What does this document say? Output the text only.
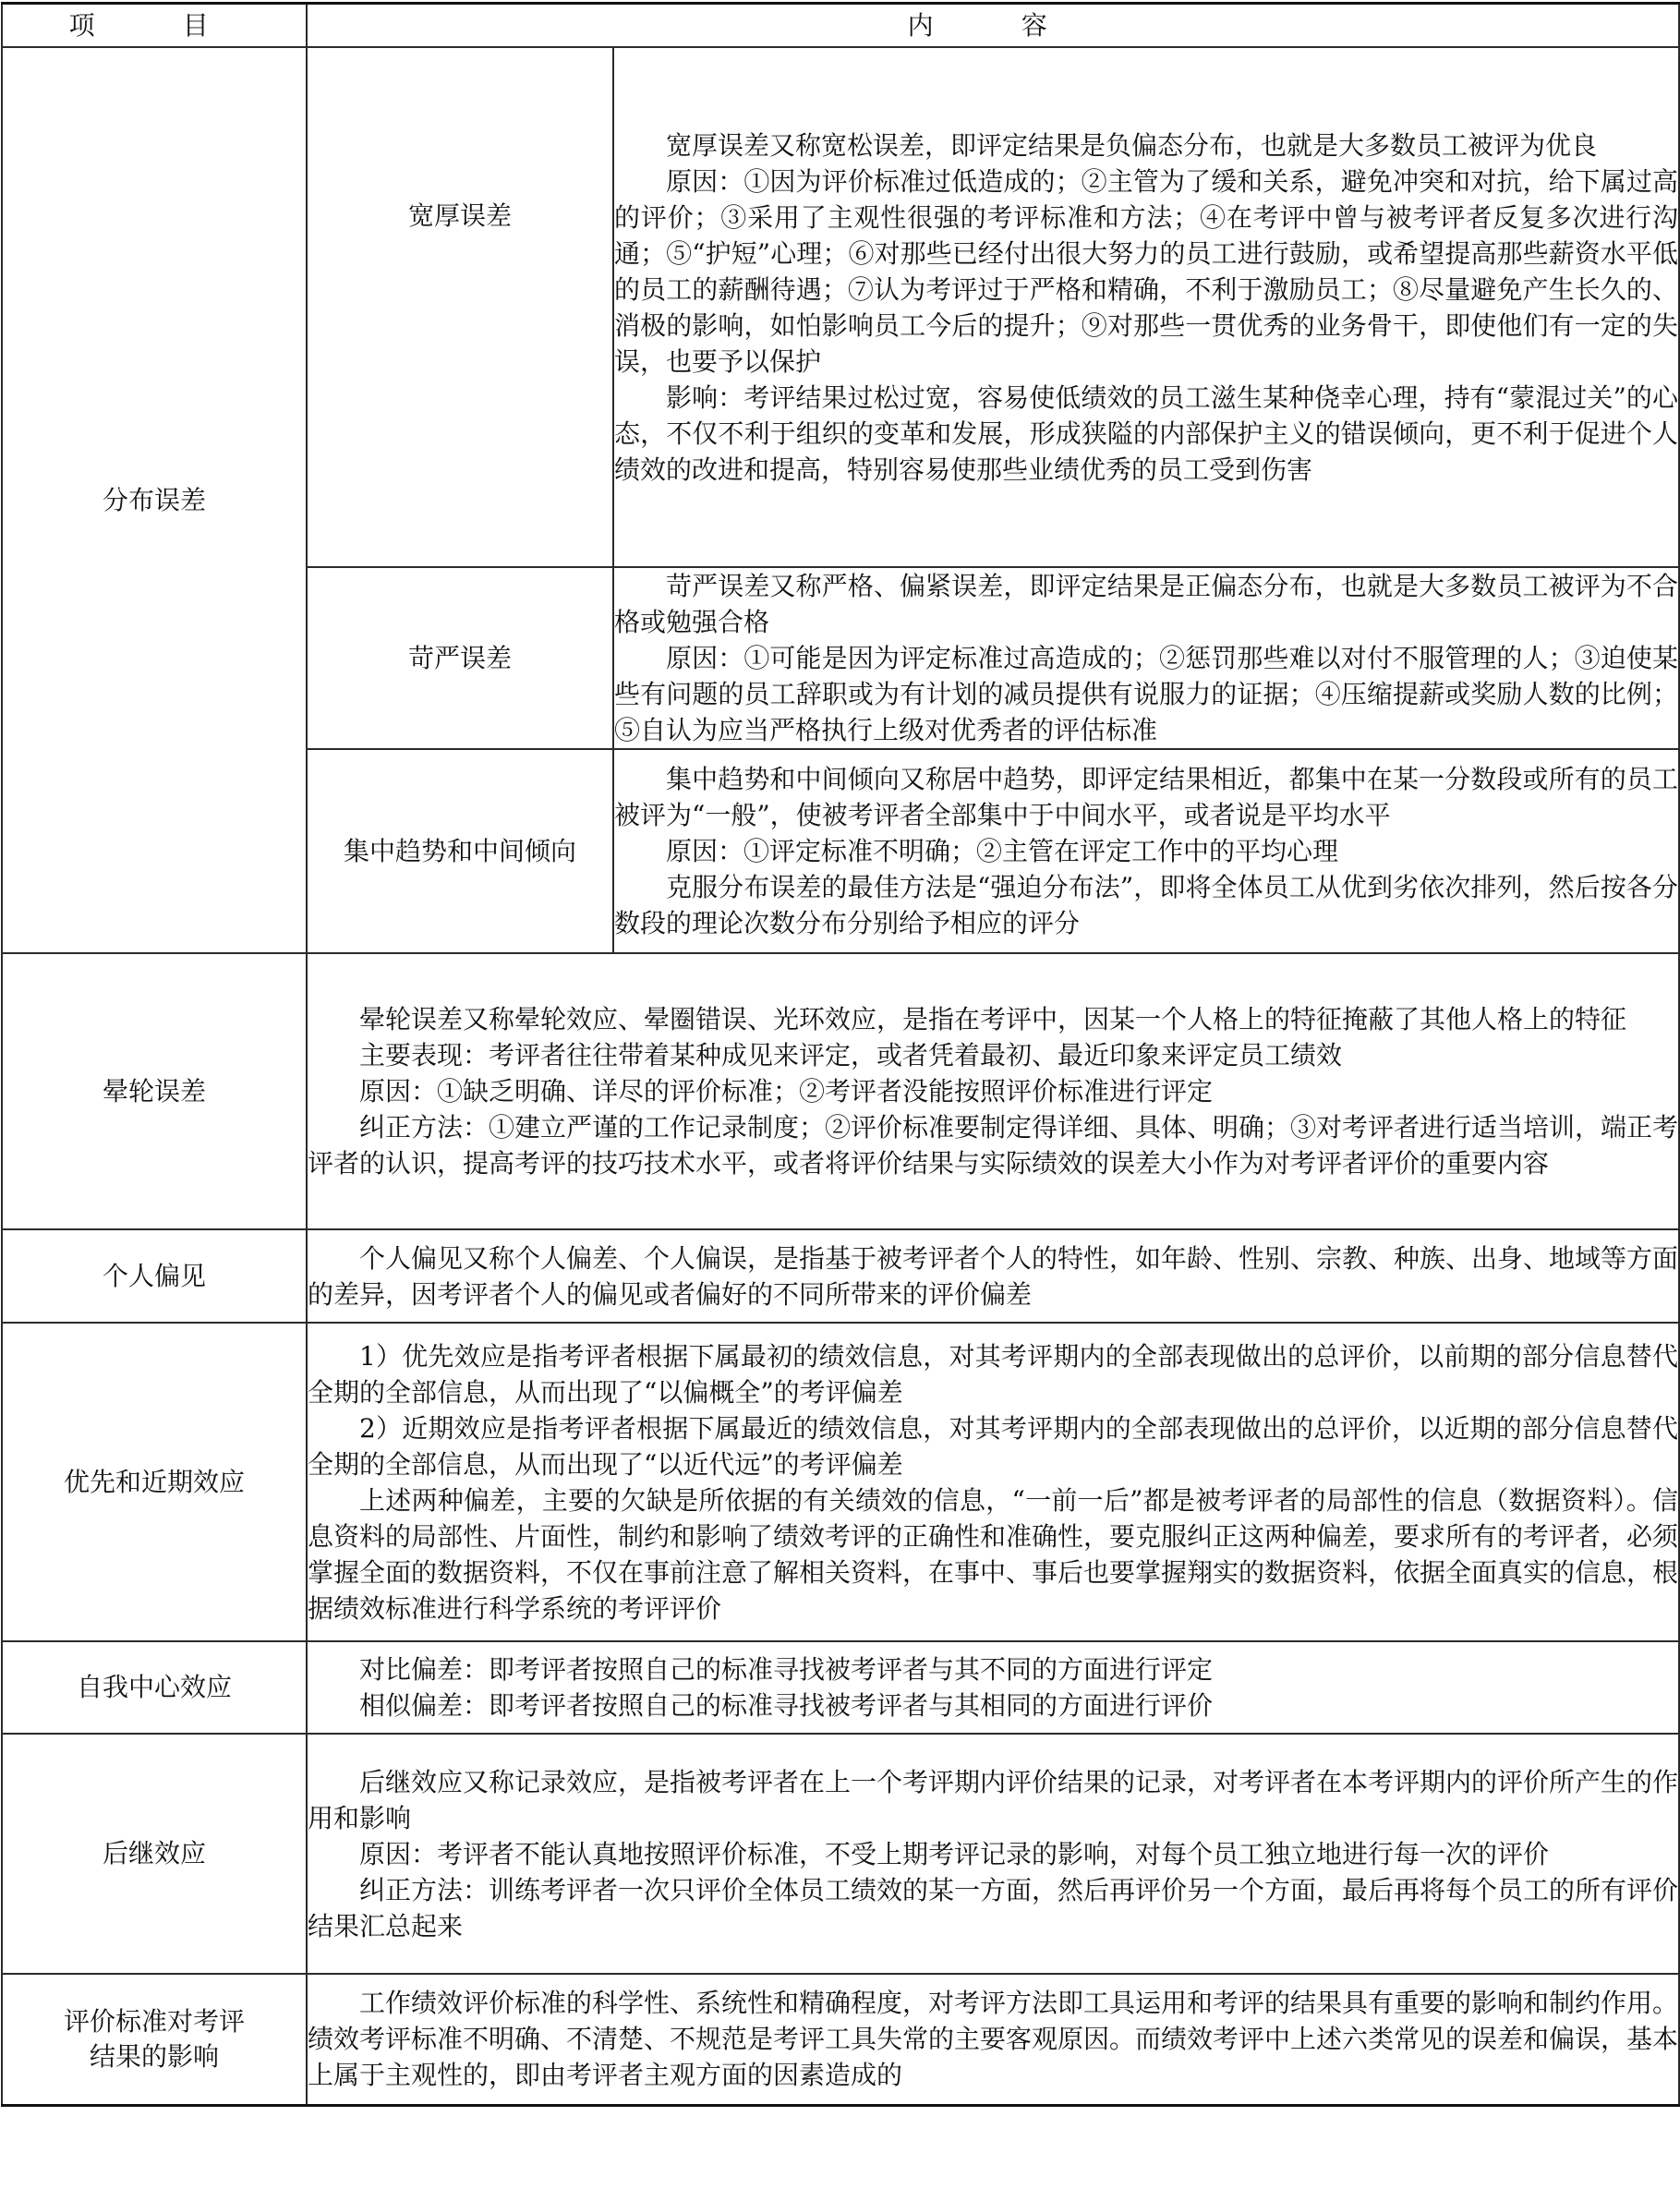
项　目	内　容	
分布误差	宽厚误差	宽厚误差又称宽松误差，即评定结果是负偏态分布，也就是大多数员工被评为优良

原因：①因为评价标准过低造成的；②主管为了缓和关系，避免冲突和对抗，给下属过高的评价；③采用了主观性很强的考评标准和方法；④在考评中曾与被考评者反复多次进行沟通；⑤“护短”心理；⑥对那些已经付出很大努力的员工进行鼓励，或希望提高那些薪资水平低的员工的薪酬待遇；⑦认为考评过于严格和精确，不利于激励员工；⑧尽量避免产生长久的、消极的影响，如怕影响员工今后的提升；⑨对那些一贯优秀的业务骨干，即使他们有一定的失误，也要予以保护

影响：考评结果过松过宽，容易使低绩效的员工滋生某种侥幸心理，持有“蒙混过关”的心态，不仅不利于组织的变革和发展，形成狭隘的内部保护主义的错误倾向，更不利于促进个人绩效的改进和提高，特别容易使那些业绩优秀的员工受到伤害

	苛严误差	苛严误差又称严格、偏紧误差，即评定结果是正偏态分布，也就是大多数员工被评为不合格或勉强合格

原因：①可能是因为评定标准过高造成的；②惩罚那些难以对付不服管理的人；③迫使某些有问题的员工辞职或为有计划的减员提供有说服力的证据；④压缩提薪或奖励人数的比例；⑤自认为应当严格执行上级对优秀者的评估标准

	集中趋势和中间倾向	集中趋势和中间倾向又称居中趋势，即评定结果相近，都集中在某一分数段或所有的员工被评为“一般”，使被考评者全部集中于中间水平，或者说是平均水平

原因：①评定标准不明确；②主管在评定工作中的平均心理

克服分布误差的最佳方法是“强迫分布法”，即将全体员工从优到劣依次排列，然后按各分数段的理论次数分布分别给予相应的评分

晕轮误差	晕轮误差又称晕轮效应、晕圈错误、光环效应，是指在考评中，因某一个人格上的特征掩蔽了其他人格上的特征

主要表现：考评者往往带着某种成见来评定，或者凭着最初、最近印象来评定员工绩效

原因：①缺乏明确、详尽的评价标准；②考评者没能按照评价标准进行评定

纠正方法：①建立严谨的工作记录制度；②评价标准要制定得详细、具体、明确；③对考评者进行适当培训，端正考评者的认识，提高考评的技巧技术水平，或者将评价结果与实际绩效的误差大小作为对考评者评价的重要内容	

个人偏见	个人偏见又称个人偏差、个人偏误，是指基于被考评者个人的特性，如年龄、性别、宗教、种族、出身、地域等方面的差异，因考评者个人的偏见或者偏好的不同所带来的评价偏差	

优先和近期效应	1）优先效应是指考评者根据下属最初的绩效信息，对其考评期内的全部表现做出的总评价，以前期的部分信息替代全期的全部信息，从而出现了“以偏概全”的考评偏差

2）近期效应是指考评者根据下属最近的绩效信息，对其考评期内的全部表现做出的总评价，以近期的部分信息替代全期的全部信息，从而出现了“以近代远”的考评偏差

上述两种偏差，主要的欠缺是所依据的有关绩效的信息，“一前一后”都是被考评者的局部性的信息（数据资料）。信息资料的局部性、片面性，制约和影响了绩效考评的正确性和准确性，要克服纠正这两种偏差，要求所有的考评者，必须掌握全面的数据资料，不仅在事前注意了解相关资料，在事中、事后也要掌握翔实的数据资料，依据全面真实的信息，根据绩效标准进行科学系统的考评评价	

自我中心效应	对比偏差：即考评者按照自己的标准寻找被考评者与其不同的方面进行评定

相似偏差：即考评者按照自己的标准寻找被考评者与其相同的方面进行评价	

后继效应	后继效应又称记录效应，是指被考评者在上一个考评期内评价结果的记录，对考评者在本考评期内的评价所产生的作用和影响

原因：考评者不能认真地按照评价标准，不受上期考评记录的影响，对每个员工独立地进行每一次的评价

纠正方法：训练考评者一次只评价全体员工绩效的某一方面，然后再评价另一个方面，最后再将每个员工的所有评价结果汇总起来	

评价标准对考评
结果的影响	工作绩效评价标准的科学性、系统性和精确程度，对考评方法即工具运用和考评的结果具有重要的影响和制约作用。绩效考评标准不明确、不清楚、不规范是考评工具失常的主要客观原因。而绩效考评中上述六类常见的误差和偏误，基本上属于主观性的，即由考评者主观方面的因素造成的	
